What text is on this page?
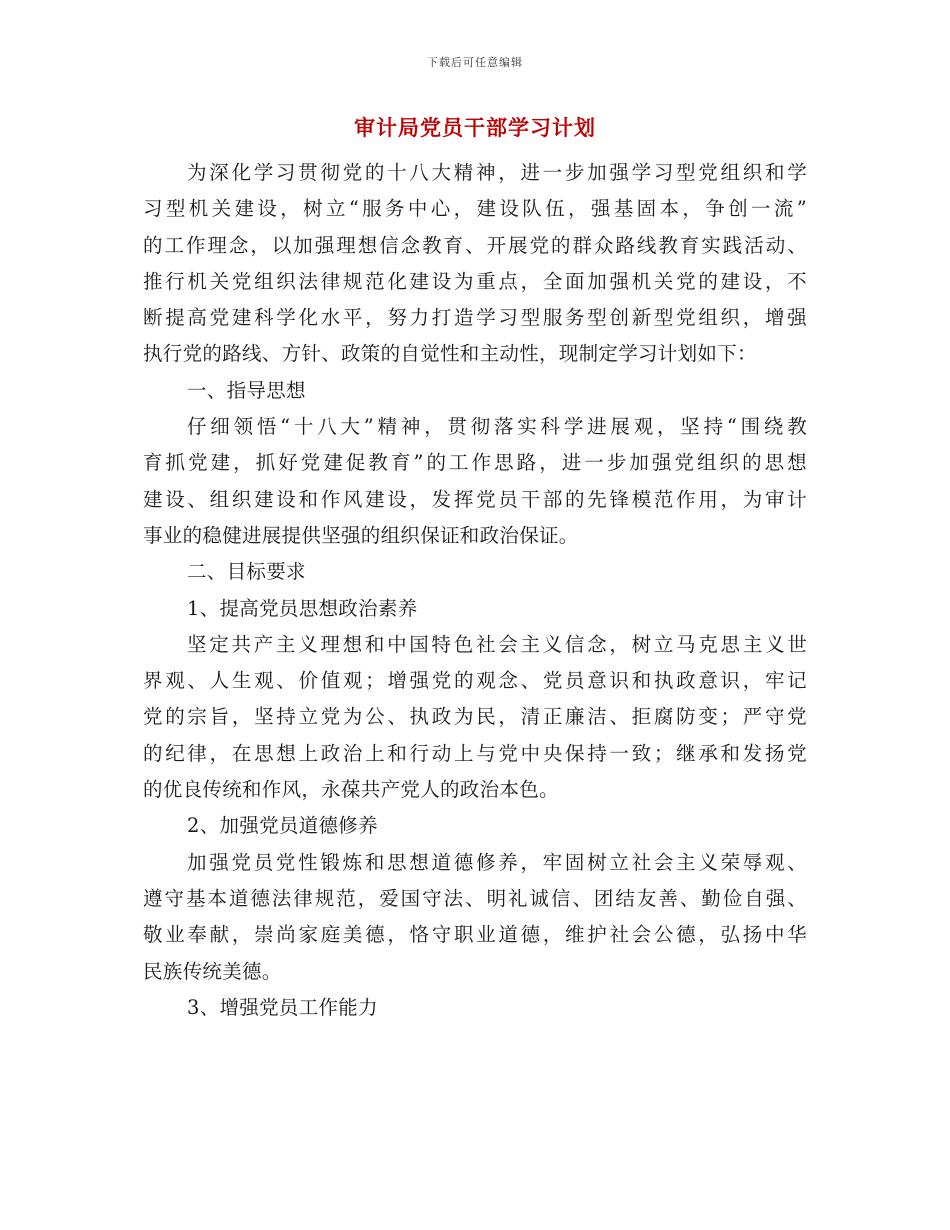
下载后可任意编辑
审计局党员干部学习计划
为深化学习贯彻党的十八大精神，进一步加强学习型党组织和学
习型机关建设，树立“服务中心，建设队伍，强基固本，争创一流”
的工作理念，以加强理想信念教育、开展党的群众路线教育实践活动、
推行机关党组织法律规范化建设为重点，全面加强机关党的建设，不
断提高党建科学化水平，努力打造学习型服务型创新型党组织，增强
执行党的路线、方针、政策的自觉性和主动性，现制定学习计划如下：
一、指导思想
仔细领悟“十八大”精神，贯彻落实科学进展观，坚持“围绕教
育抓党建，抓好党建促教育”的工作思路，进一步加强党组织的思想
建设、组织建设和作风建设，发挥党员干部的先锋模范作用，为审计
事业的稳健进展提供坚强的组织保证和政治保证。
二、目标要求
1、提高党员思想政治素养
坚定共产主义理想和中国特色社会主义信念，树立马克思主义世
界观、人生观、价值观；增强党的观念、党员意识和执政意识，牢记
党的宗旨，坚持立党为公、执政为民，清正廉洁、拒腐防变；严守党
的纪律，在思想上政治上和行动上与党中央保持一致；继承和发扬党
的优良传统和作风，永葆共产党人的政治本色。
2、加强党员道德修养
加强党员党性锻炼和思想道德修养，牢固树立社会主义荣辱观、
遵守基本道德法律规范，爱国守法、明礼诚信、团结友善、勤俭自强、
敬业奉献，崇尚家庭美德，恪守职业道德，维护社会公德，弘扬中华
民族传统美德。
3、增强党员工作能力
